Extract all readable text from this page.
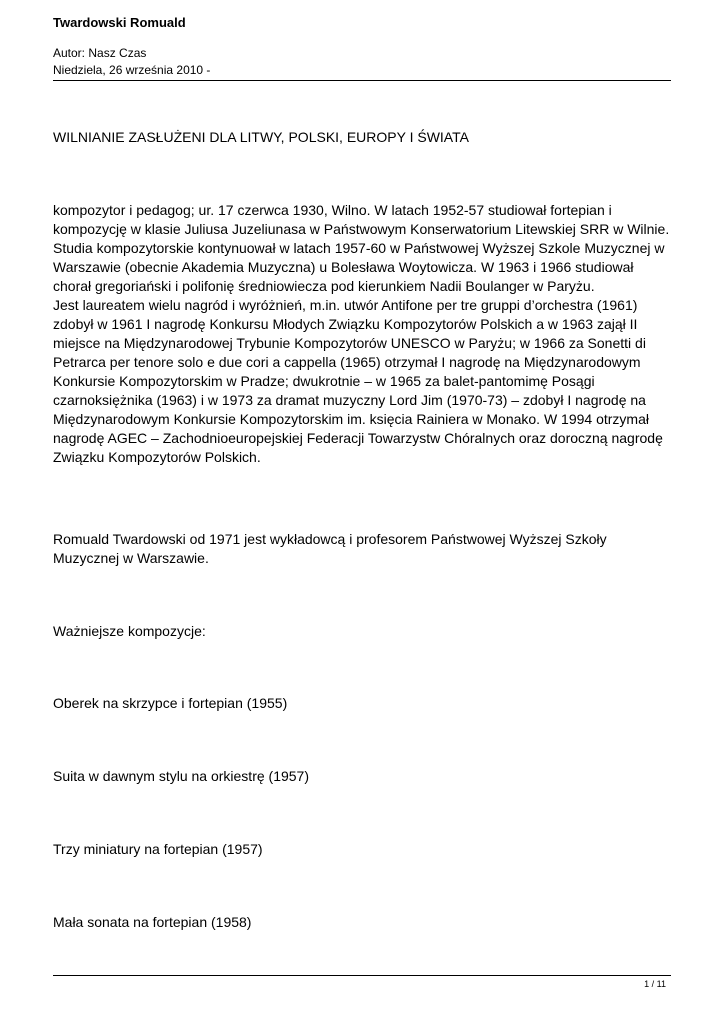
Twardowski Romuald
Autor: Nasz Czas
Niedziela, 26 września 2010 -
WILNIANIE ZASŁUŻENI DLA LITWY, POLSKI, EUROPY I ŚWIATA
kompozytor i pedagog; ur. 17 czerwca 1930, Wilno. W latach 1952-57 studiował fortepian i kompozycję w klasie Juliusa Juzeliunasa w Państwowym Konserwatorium Litewskiej SRR w Wilnie. Studia kompozytorskie kontynuował w latach 1957-60 w Państwowej Wyższej Szkole Muzycznej w Warszawie (obecnie Akademia Muzyczna) u Bolesława Woytowicza. W 1963 i 1966 studiował chorał gregoriański i polifonię średniowiecza pod kierunkiem Nadii Boulanger w Paryżu.
Jest laureatem wielu nagród i wyróżnień, m.in. utwór Antifone per tre gruppi d’orchestra (1961) zdobył w 1961 I nagrodę Konkursu Młodych Związku Kompozytorów Polskich a w 1963 zajął II miejsce na Międzynarodowej Trybunie Kompozytorów UNESCO w Paryżu; w 1966 za Sonetti di Petrarca per tenore solo e due cori a cappella (1965) otrzymał I nagrodę na Międzynarodowym Konkursie Kompozytorskim w Pradze; dwukrotnie – w 1965 za balet-pantomimę Posągi czarnoksiężnika (1963) i w 1973 za dramat muzyczny Lord Jim (1970-73) – zdobył I nagrodę na Międzynarodowym Konkursie Kompozytorskim im. księcia Rainiera w Monako. W 1994 otrzymał nagrodę AGEC – Zachodnioeuropejskiej Federacji Towarzystw Chóralnych oraz doroczną nagrodę Związku Kompozytorów Polskich.
Romuald Twardowski od 1971 jest wykładowcą i profesorem Państwowej Wyższej Szkoły Muzycznej w Warszawie.
Ważniejsze kompozycje:
Oberek na skrzypce i fortepian (1955)
Suita w dawnym stylu na orkiestrę (1957)
Trzy miniatury na fortepian (1957)
Mała sonata na fortepian (1958)
1 / 11
